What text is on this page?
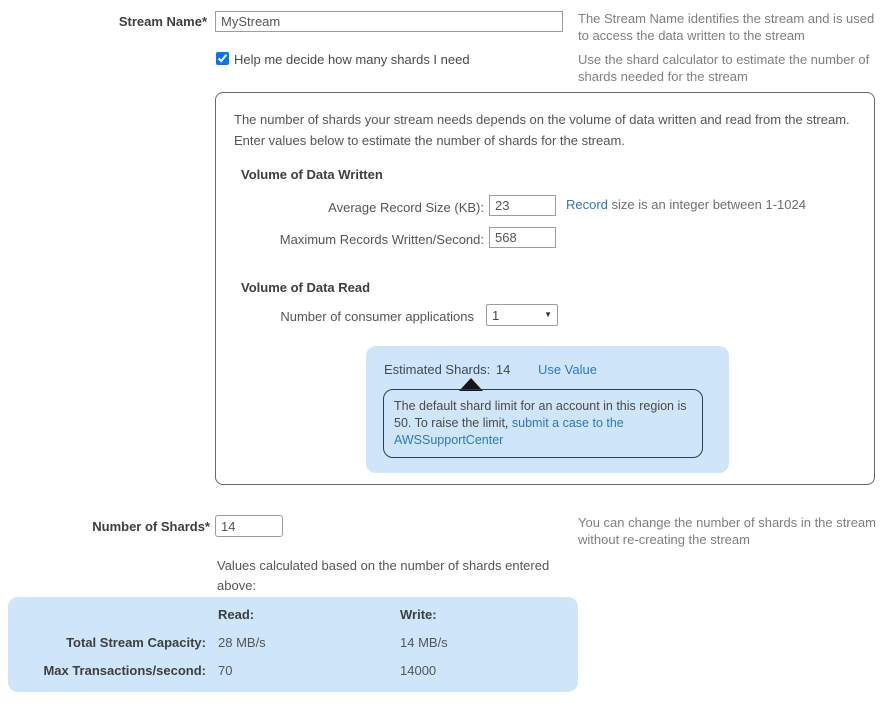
Stream Name*
MyStream	The Stream Name identifies the stream and is used to access the data written to the stream
Help me decide how many shards I need	Use the shard calculator to estimate the number of shards needed for the stream
The number of shards your stream needs depends on the volume of data written and read from the stream. Enter values below to estimate the number of shards for the stream.
Volume of Data Written
Average Record Size (KB):
23	Record size is an integer between 1-1024
Maximum Records Written/Second:
568
Volume of Data Read
Number of consumer applications
1	▼
Estimated Shards: 14 Use Value
The default shard limit for an account in this region is 50. To raise the limit, submit a case to the AWSSupportCenter
Number of Shards*
14	You can change the number of shards in the stream without re-creating the stream
Values calculated based on the number of shards entered above:
Read:	Write:
Total Stream Capacity: 28 MB/s	14 MB/s
Max Transactions/second: 70	14000
